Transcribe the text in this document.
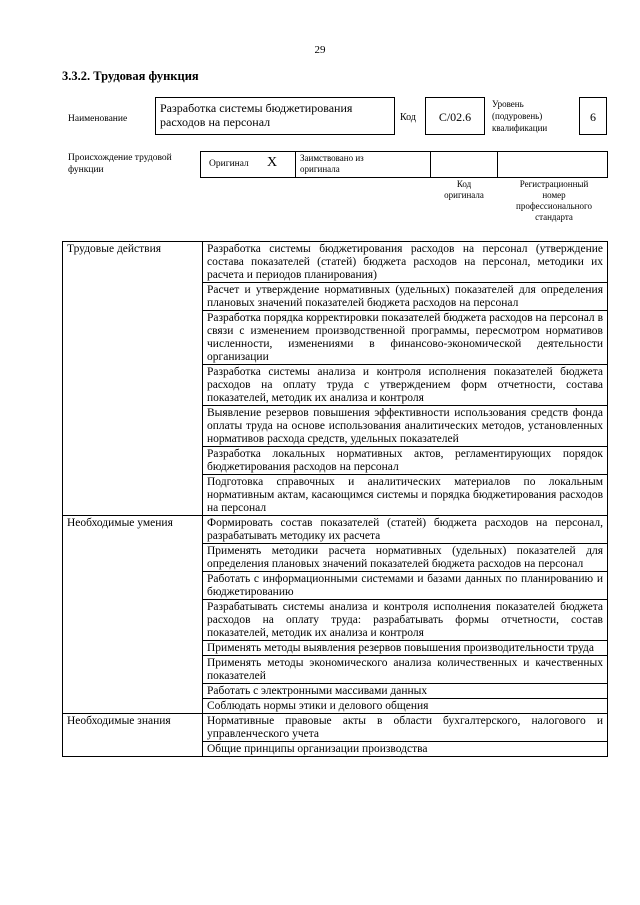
29
3.3.2. Трудовая функция
Наименование
Разработка системы бюджетирования расходов на персонал	Код	C/02.6
Уровень
(подуровень)
квалификации
6
Происхождение трудовой
функции
Оригинал X	Заимствовано из
оригинала
Код
оригинала
Регистрационный
номер
профессионального
стандарта
Трудовые действия	Разработка системы бюджетирования расходов на персонал (утверждение состава показателей (статей) бюджета расходов на персонал, методики их расчета и периодов планирования)
	Расчет и утверждение нормативных (удельных) показателей для определения плановых значений показателей бюджета расходов на персонал
	Разработка порядка корректировки показателей бюджета расходов на персонал в связи с изменением производственной программы, пересмотром нормативов численности, изменениями в финансово-экономической деятельности организации
	Разработка системы анализа и контроля исполнения показателей бюджета расходов на оплату труда с утверждением форм отчетности, состава показателей, методик их анализа и контроля
	Выявление резервов повышения эффективности использования средств фонда оплаты труда на основе использования аналитических методов, установленных нормативов расхода средств, удельных показателей
	Разработка локальных нормативных актов, регламентирующих порядок бюджетирования расходов на персонал
	Подготовка справочных и аналитических материалов по локальным нормативным актам, касающимся системы и порядка бюджетирования расходов на персонал
Необходимые умения	Формировать состав показателей (статей) бюджета расходов на персонал, разрабатывать методику их расчета
	Применять методики расчета нормативных (удельных) показателей для определения плановых значений показателей бюджета расходов на персонал
	Работать с информационными системами и базами данных по планированию и бюджетированию
	Разрабатывать системы анализа и контроля исполнения показателей бюджета расходов на оплату труда: разрабатывать формы отчетности, состав показателей, методик их анализа и контроля
	Применять методы выявления резервов повышения производительности труда
	Применять методы экономического анализа количественных и качественных показателей
	Работать с электронными массивами данных
	Соблюдать нормы этики и делового общения
Необходимые знания	Нормативные правовые акты в области бухгалтерского, налогового и управленческого учета
	Общие принципы организации производства
